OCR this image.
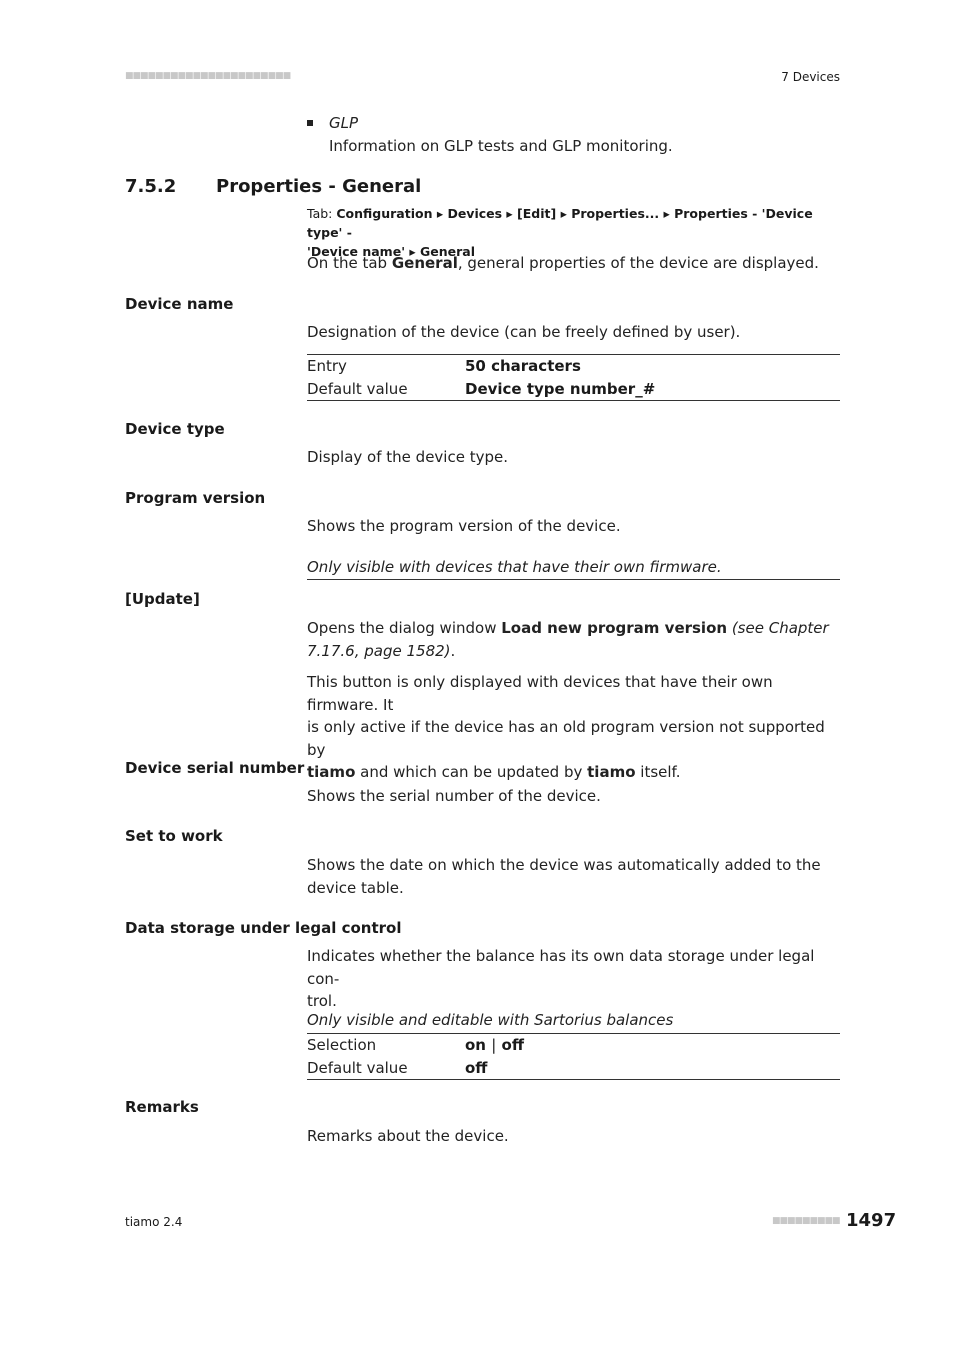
■■■■■■■■■■■■■■■■■■■■■■	7 Devices
GLP
Information on GLP tests and GLP monitoring.
7.5.2 Properties - General
Tab: Configuration ▸ Devices ▸ [Edit] ▸ Properties... ▸ Properties - 'Device type' -
'Device name' ▸ General
On the tab General, general properties of the device are displayed.
Device name
Designation of the device (can be freely defined by user).
Entry	50 characters
Default value	Device type number_#
Device type
Display of the device type.
Program version
Shows the program version of the device.
Only visible with devices that have their own firmware.
[Update]
Opens the dialog window Load new program version (see Chapter
7.17.6, page 1582).
This button is only displayed with devices that have their own firmware. It
is only active if the device has an old program version not supported by
tiamo and which can be updated by tiamo itself.
Device serial number
Shows the serial number of the device.
Set to work
Shows the date on which the device was automatically added to the
device table.
Data storage under legal control
Indicates whether the balance has its own data storage under legal con-
trol.
Only visible and editable with Sartorius balances
Selection	on | off
Default value	off
Remarks
Remarks about the device.
tiamo 2.4	■■■■■■■■■ 1497
